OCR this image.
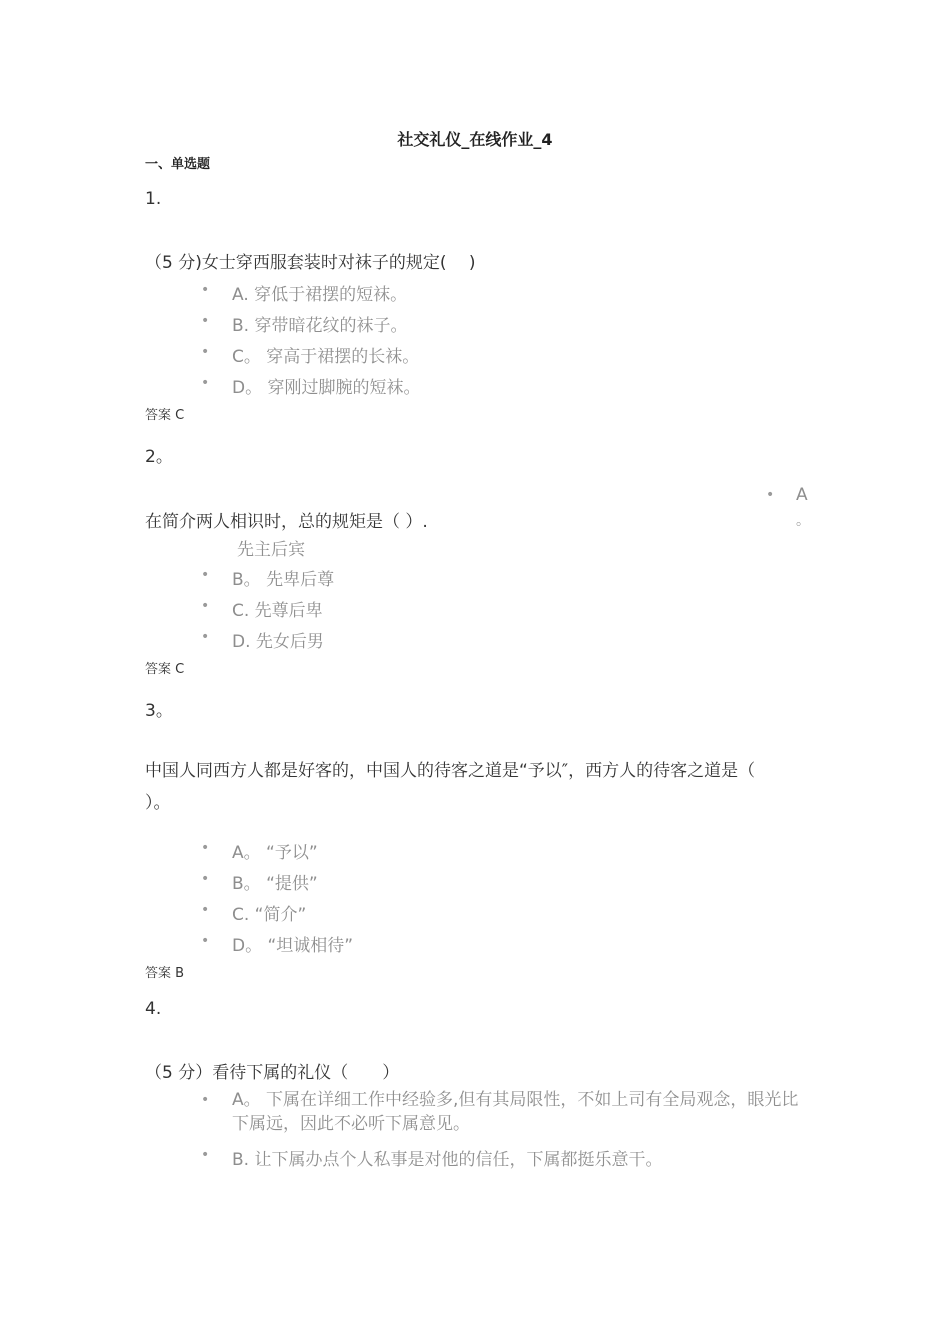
社交礼仪_在线作业_4
一、单选题
1.
（5 分)女士穿西服套装时对袜子的规定(　 )
• A. 穿低于裙摆的短袜。
• B. 穿带暗花纹的袜子。
• C。 穿高于裙摆的长袜。
• D。 穿刚过脚腕的短袜。
答案 C
2。
• A
。
在简介两人相识时，总的规矩是（ ）.
先主后宾
• B。 先卑后尊
• C. 先尊后卑
• D. 先女后男
答案 C
3。
中国人同西方人都是好客的，中国人的待客之道是“予以″，西方人的待客之道是（ ）。
• A。 “予以”
• B。 “提供”
• C. “简介”
• D。 “坦诚相待”
答案 B
4.
（5 分）看待下属的礼仪（　　）
• A。 下属在详细工作中经验多,但有其局限性，不如上司有全局观念，眼光比下属远，因此不必听下属意见。
• B. 让下属办点个人私事是对他的信任，下属都挺乐意干。
